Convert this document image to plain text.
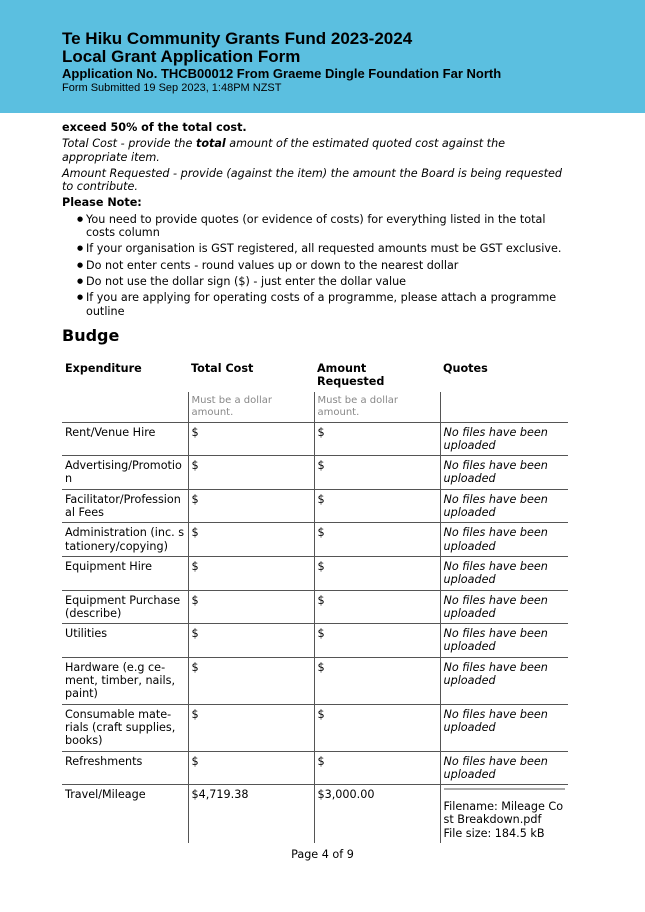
Te Hiku Community Grants Fund 2023-2024
Local Grant Application Form
Application No. THCB00012 From Graeme Dingle Foundation Far North
Form Submitted 19 Sep 2023, 1:48PM NZST

exceed 50% of the total cost.

Total Cost - provide the total amount of the estimated quoted cost against the appropriate item.

Amount Requested - provide (against the item) the amount the Board is being requested to contribute.

Please Note:

● You need to provide quotes (or evidence of costs) for everything listed in the total costs column
● If your organisation is GST registered, all requested amounts must be GST exclusive.
● Do not enter cents - round values up or down to the nearest dollar
● Do not use the dollar sign ($) - just enter the dollar value
● If you are applying for operating costs of a programme, please attach a programme outline
Budge
Expenditure	Total Cost	Amount Requested	Quotes
	Must be a dollar amount.	Must be a dollar amount.	
Rent/Venue Hire	$	$	No files have been uploaded
Advertising/Promotio n	$	$	No files have been uploaded
Facilitator/Profession al Fees	$	$	No files have been uploaded
Administration (inc. s tationery/copying)	$	$	No files have been uploaded
Equipment Hire	$	$	No files have been uploaded
Equipment Purchase (describe)	$	$	No files have been uploaded
Utilities	$	$	No files have been uploaded
Hardware (e.g ce- ment, timber, nails, paint)	$	$	No files have been uploaded
Consumable mate- rials (craft supplies, books)	$	$	No files have been uploaded
Refreshments	$	$	No files have been uploaded
Travel/Mileage	$4,719.38	$3,000.00	Filename: Mileage Co st Breakdown.pdf
File size: 184.5 kB
Page 4 of 9
